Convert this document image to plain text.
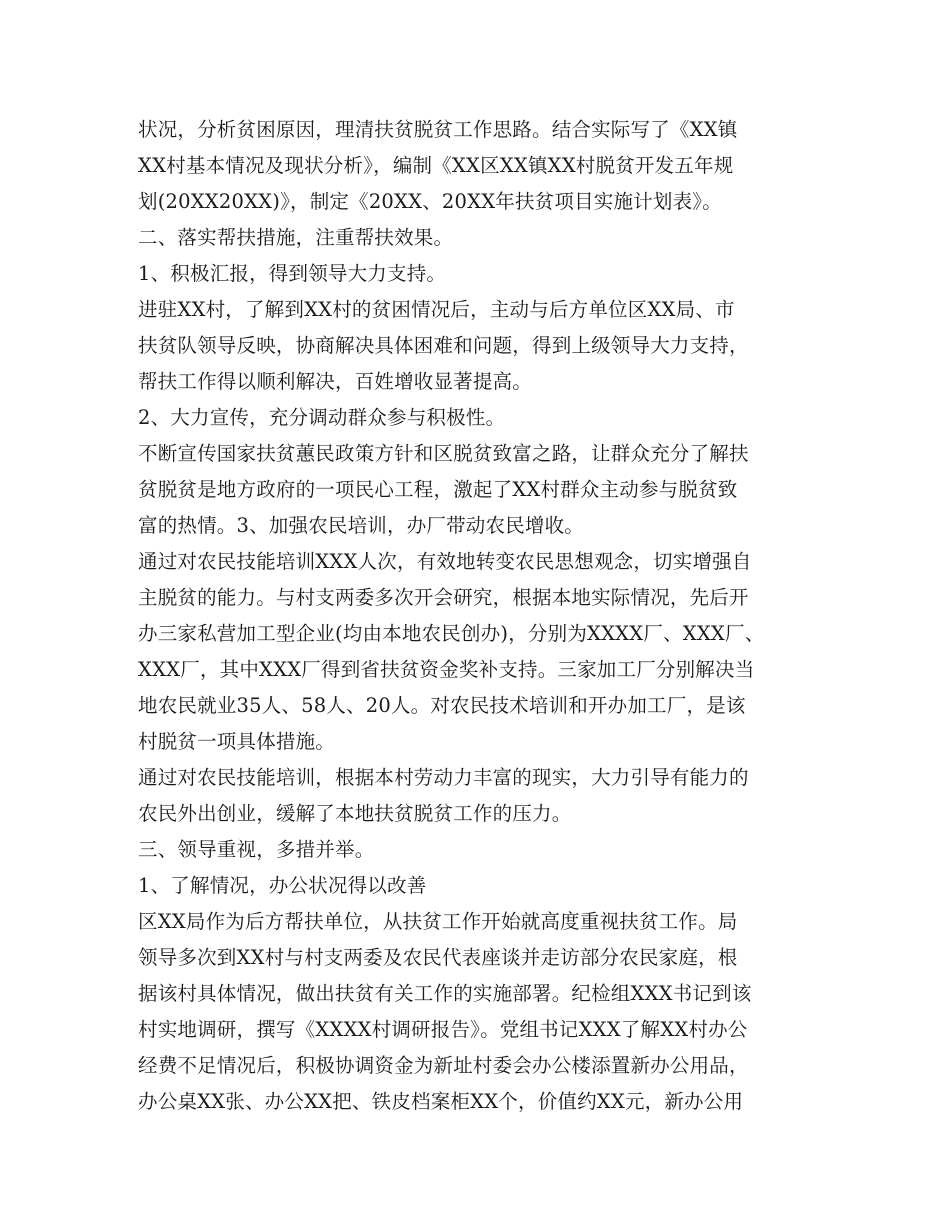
状况，分析贫困原因，理清扶贫脱贫工作思路。结合实际写了《XX镇
XX村基本情况及现状分析》，编制《XX区XX镇XX村脱贫开发五年规
划(20XX20XX)》，制定《20XX、20XX年扶贫项目实施计划表》。
二、落实帮扶措施，注重帮扶效果。
1、积极汇报，得到领导大力支持。
进驻XX村，了解到XX村的贫困情况后，主动与后方单位区XX局、市
扶贫队领导反映，协商解决具体困难和问题，得到上级领导大力支持，
帮扶工作得以顺利解决，百姓增收显著提高。
2、大力宣传，充分调动群众参与积极性。
不断宣传国家扶贫蕙民政策方针和区脱贫致富之路，让群众充分了解扶
贫脱贫是地方政府的一项民心工程，激起了XX村群众主动参与脱贫致
富的热情。3、加强农民培训，办厂带动农民增收。
通过对农民技能培训XXX人次，有效地转变农民思想观念，切实增强自
主脱贫的能力。与村支两委多次开会研究，根据本地实际情况，先后开
办三家私营加工型企业(均由本地农民创办)，分别为XXXX厂、XXX厂、
XXX厂，其中XXX厂得到省扶贫资金奖补支持。三家加工厂分别解决当
地农民就业35人、58人、20人。对农民技术培训和开办加工厂，是该
村脱贫一项具体措施。
通过对农民技能培训，根据本村劳动力丰富的现实，大力引导有能力的
农民外出创业，缓解了本地扶贫脱贫工作的压力。
三、领导重视，多措并举。
1、了解情况，办公状况得以改善
区XX局作为后方帮扶单位，从扶贫工作开始就高度重视扶贫工作。局
领导多次到XX村与村支两委及农民代表座谈并走访部分农民家庭，根
据该村具体情况，做出扶贫有关工作的实施部署。纪检组XXX书记到该
村实地调研，撰写《XXXX村调研报告》。党组书记XXX了解XX村办公
经费不足情况后，积极协调资金为新址村委会办公楼添置新办公用品，
办公桌XX张、办公XX把、铁皮档案柜XX个，价值约XX元，新办公用
